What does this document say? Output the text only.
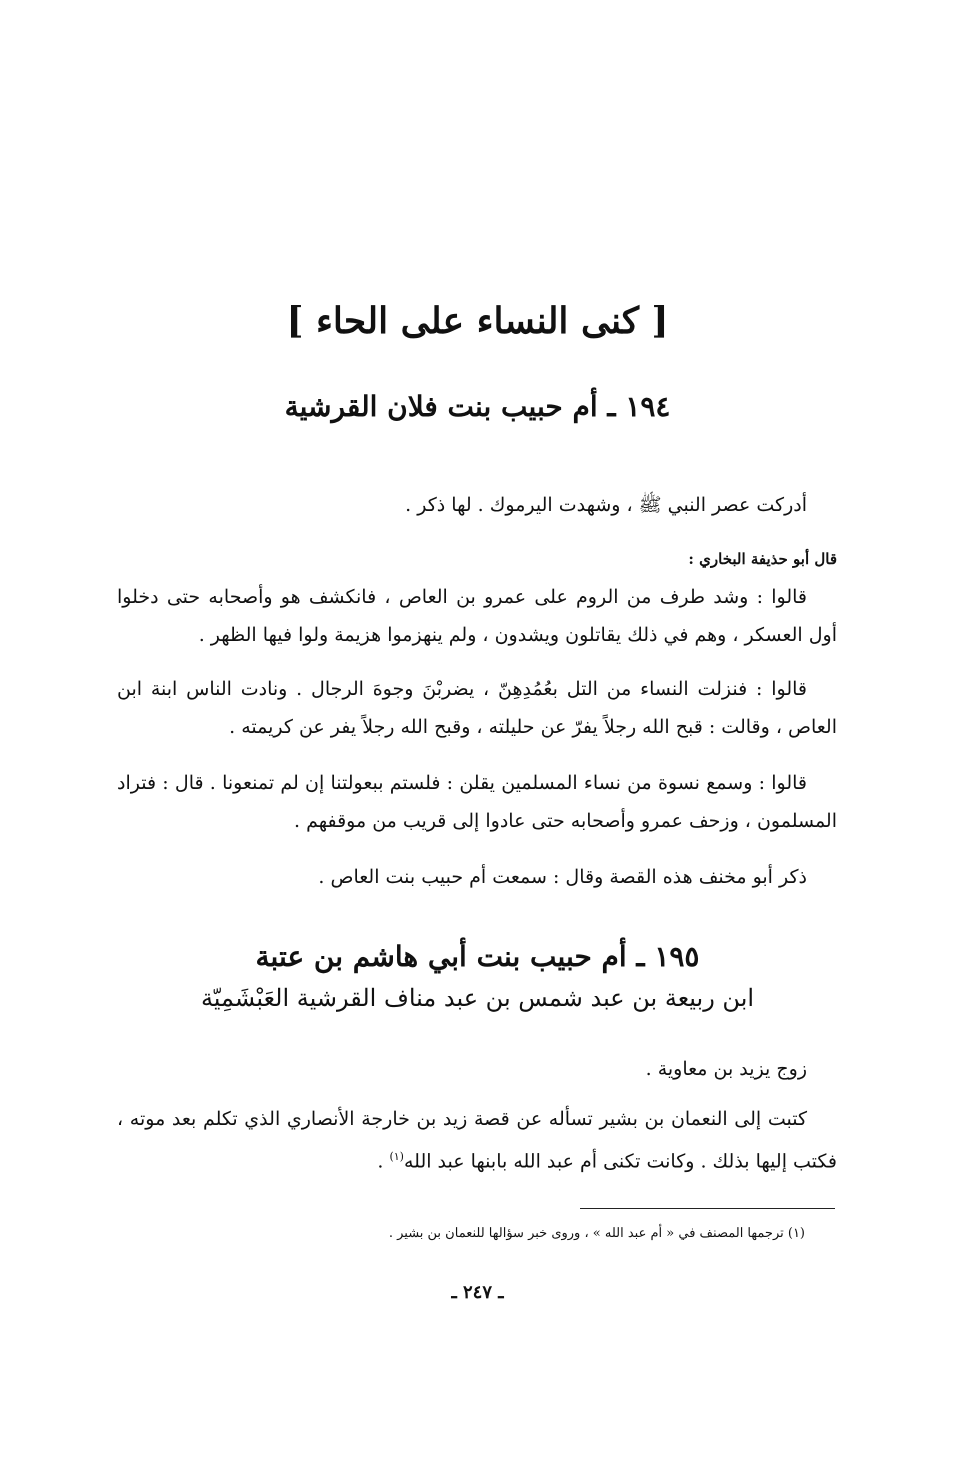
[ كنى النساء على الحاء ]
١٩٤ ـ أم حبيب بنت فلان القرشية
أدركت عصر النبي ﷺ ، وشهدت اليرموك . لها ذكر .
قال أبو حذيفة البخاري :
قالوا : وشد طرف من الروم على عمرو بن العاص ، فانكشف هو وأصحابه حتى دخلوا أول العسكر ، وهم في ذلك يقاتلون ويشدون ، ولم ينهزموا هزيمة ولوا فيها الظهر .
قالوا : فنزلت النساء من التل بعُمُدِهِنّ ، يضربْنَ وجوهَ الرجال . ونادت الناس ابنة ابن العاص ، وقالت : قبح الله رجلاً يفرّ عن حليلته ، وقبح الله رجلاً يفر عن كريمته .
قالوا : وسمع نسوة من نساء المسلمين يقلن : فلستم ببعولتنا إن لم تمنعونا . قال : فتراد المسلمون ، وزحف عمرو وأصحابه حتى عادوا إلى قريب من موقفهم .
ذكر أبو مخنف هذه القصة وقال : سمعت أم حبيب بنت العاص .
١٩٥ ـ أم حبيب بنت أبي هاشم بن عتبة
ابن ربيعة بن عبد شمس بن عبد مناف القرشية العَبْشَمِيّة
زوج يزيد بن معاوية .
كتبت إلى النعمان بن بشير تسأله عن قصة زيد بن خارجة الأنصاري الذي تكلم بعد موته ، فكتب إليها بذلك . وكانت تكنى أم عبد الله بابنها عبد الله$^{(١)}$ .
(١) ترجمها المصنف في « أم عبد الله » ، وروى خبر سؤالها للنعمان بن بشير .
ـ ٢٤٧ ـ
